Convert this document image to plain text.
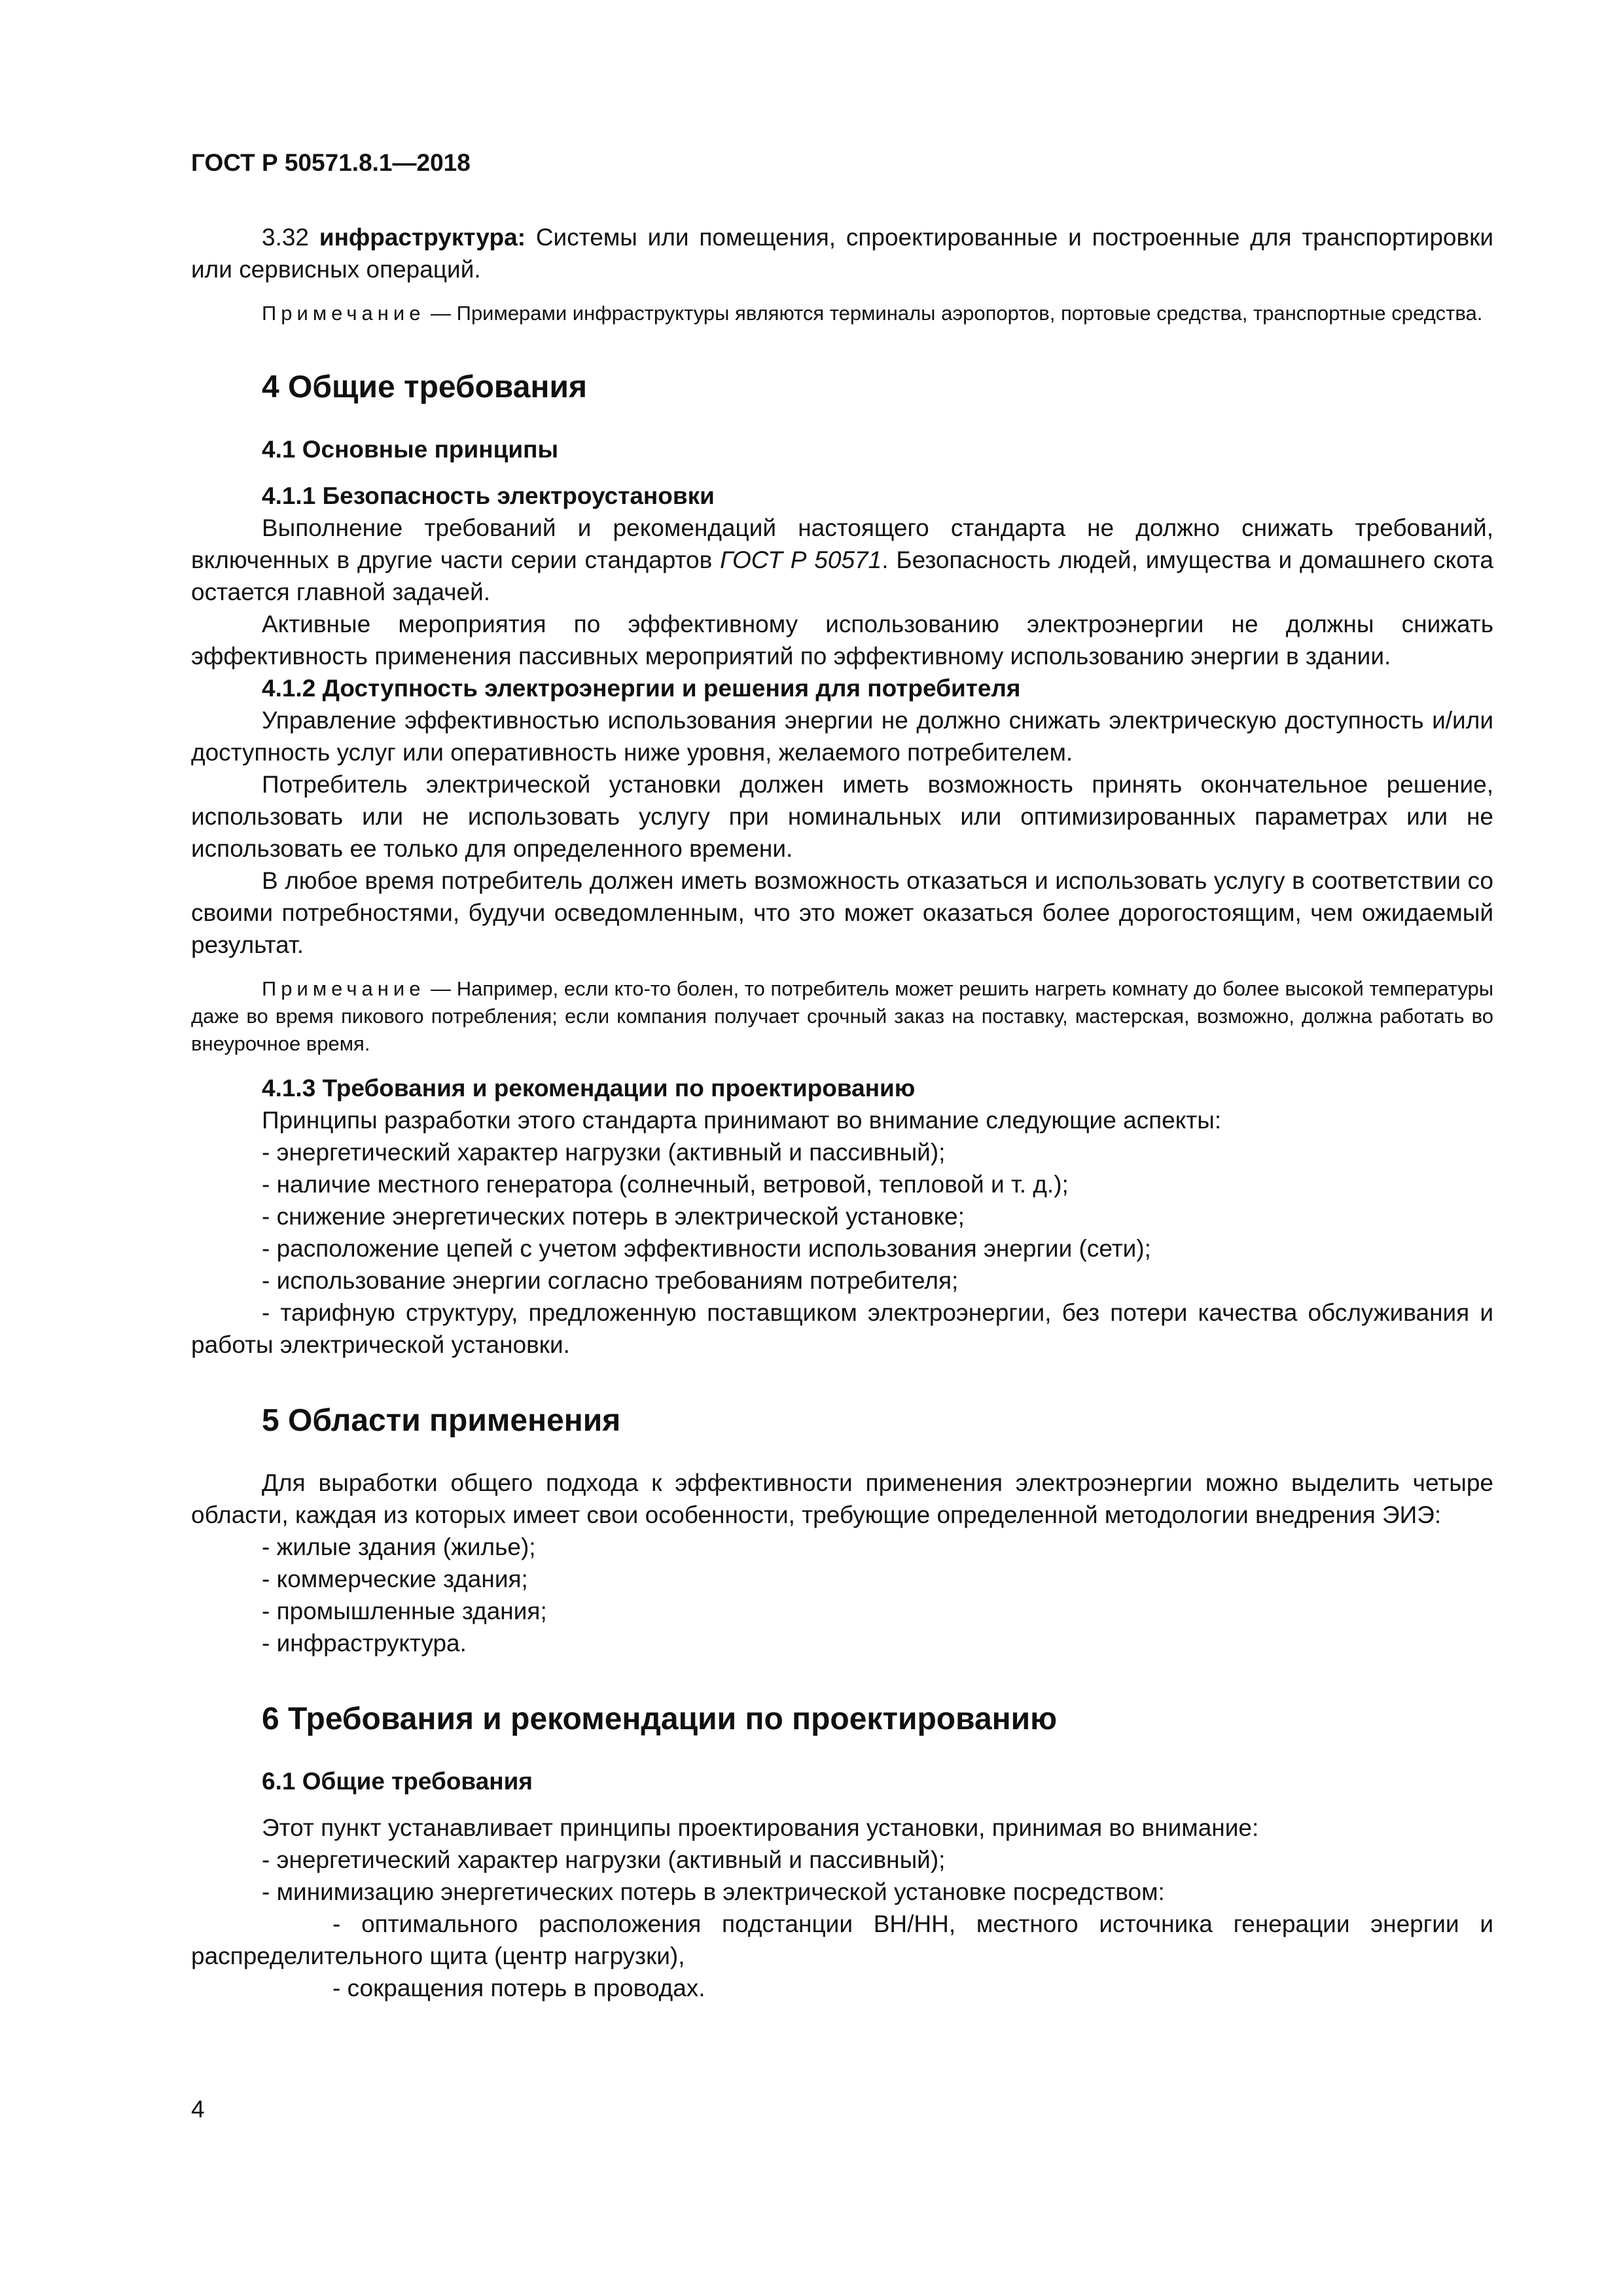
ГОСТ Р 50571.8.1—2018

3.32 инфраструктура: Системы или помещения, спроектированные и построенные для транспортировки или сервисных операций.

Примечание — Примерами инфраструктуры являются терминалы аэропортов, портовые средства, транспортные средства.

4 Общие требования
4.1 Основные принципы
4.1.1 Безопасность электроустановки

Выполнение требований и рекомендаций настоящего стандарта не должно снижать требований, включенных в другие части серии стандартов ГОСТ Р 50571. Безопасность людей, имущества и домашнего скота остается главной задачей.

Активные мероприятия по эффективному использованию электроэнергии не должны снижать эффективность применения пассивных мероприятий по эффективному использованию энергии в здании.

4.1.2 Доступность электроэнергии и решения для потребителя

Управление эффективностью использования энергии не должно снижать электрическую доступность и/или доступность услуг или оперативность ниже уровня, желаемого потребителем.

Потребитель электрической установки должен иметь возможность принять окончательное решение, использовать или не использовать услугу при номинальных или оптимизированных параметрах или не использовать ее только для определенного времени.

В любое время потребитель должен иметь возможность отказаться и использовать услугу в соответствии со своими потребностями, будучи осведомленным, что это может оказаться более дорогостоящим, чем ожидаемый результат.

Примечание — Например, если кто-то болен, то потребитель может решить нагреть комнату до более высокой температуры даже во время пикового потребления; если компания получает срочный заказ на поставку, мастерская, возможно, должна работать во внеурочное время.

4.1.3 Требования и рекомендации по проектированию

Принципы разработки этого стандарта принимают во внимание следующие аспекты:

- энергетический характер нагрузки (активный и пассивный);

- наличие местного генератора (солнечный, ветровой, тепловой и т. д.);

- снижение энергетических потерь в электрической установке;

- расположение цепей с учетом эффективности использования энергии (сети);

- использование энергии согласно требованиям потребителя;

- тарифную структуру, предложенную поставщиком электроэнергии, без потери качества обслуживания и работы электрической установки.

5 Области применения

Для выработки общего подхода к эффективности применения электроэнергии можно выделить четыре области, каждая из которых имеет свои особенности, требующие определенной методологии внедрения ЭИЭ:

- жилые здания (жилье);

- коммерческие здания;

- промышленные здания;

- инфраструктура.

6 Требования и рекомендации по проектированию
6.1 Общие требования

Этот пункт устанавливает принципы проектирования установки, принимая во внимание:

- энергетический характер нагрузки (активный и пассивный);

- минимизацию энергетических потерь в электрической установке посредством:

- оптимального расположения подстанции ВН/НН, местного источника генерации энергии и распределительного щита (центр нагрузки),

- сокращения потерь в проводах.

4
